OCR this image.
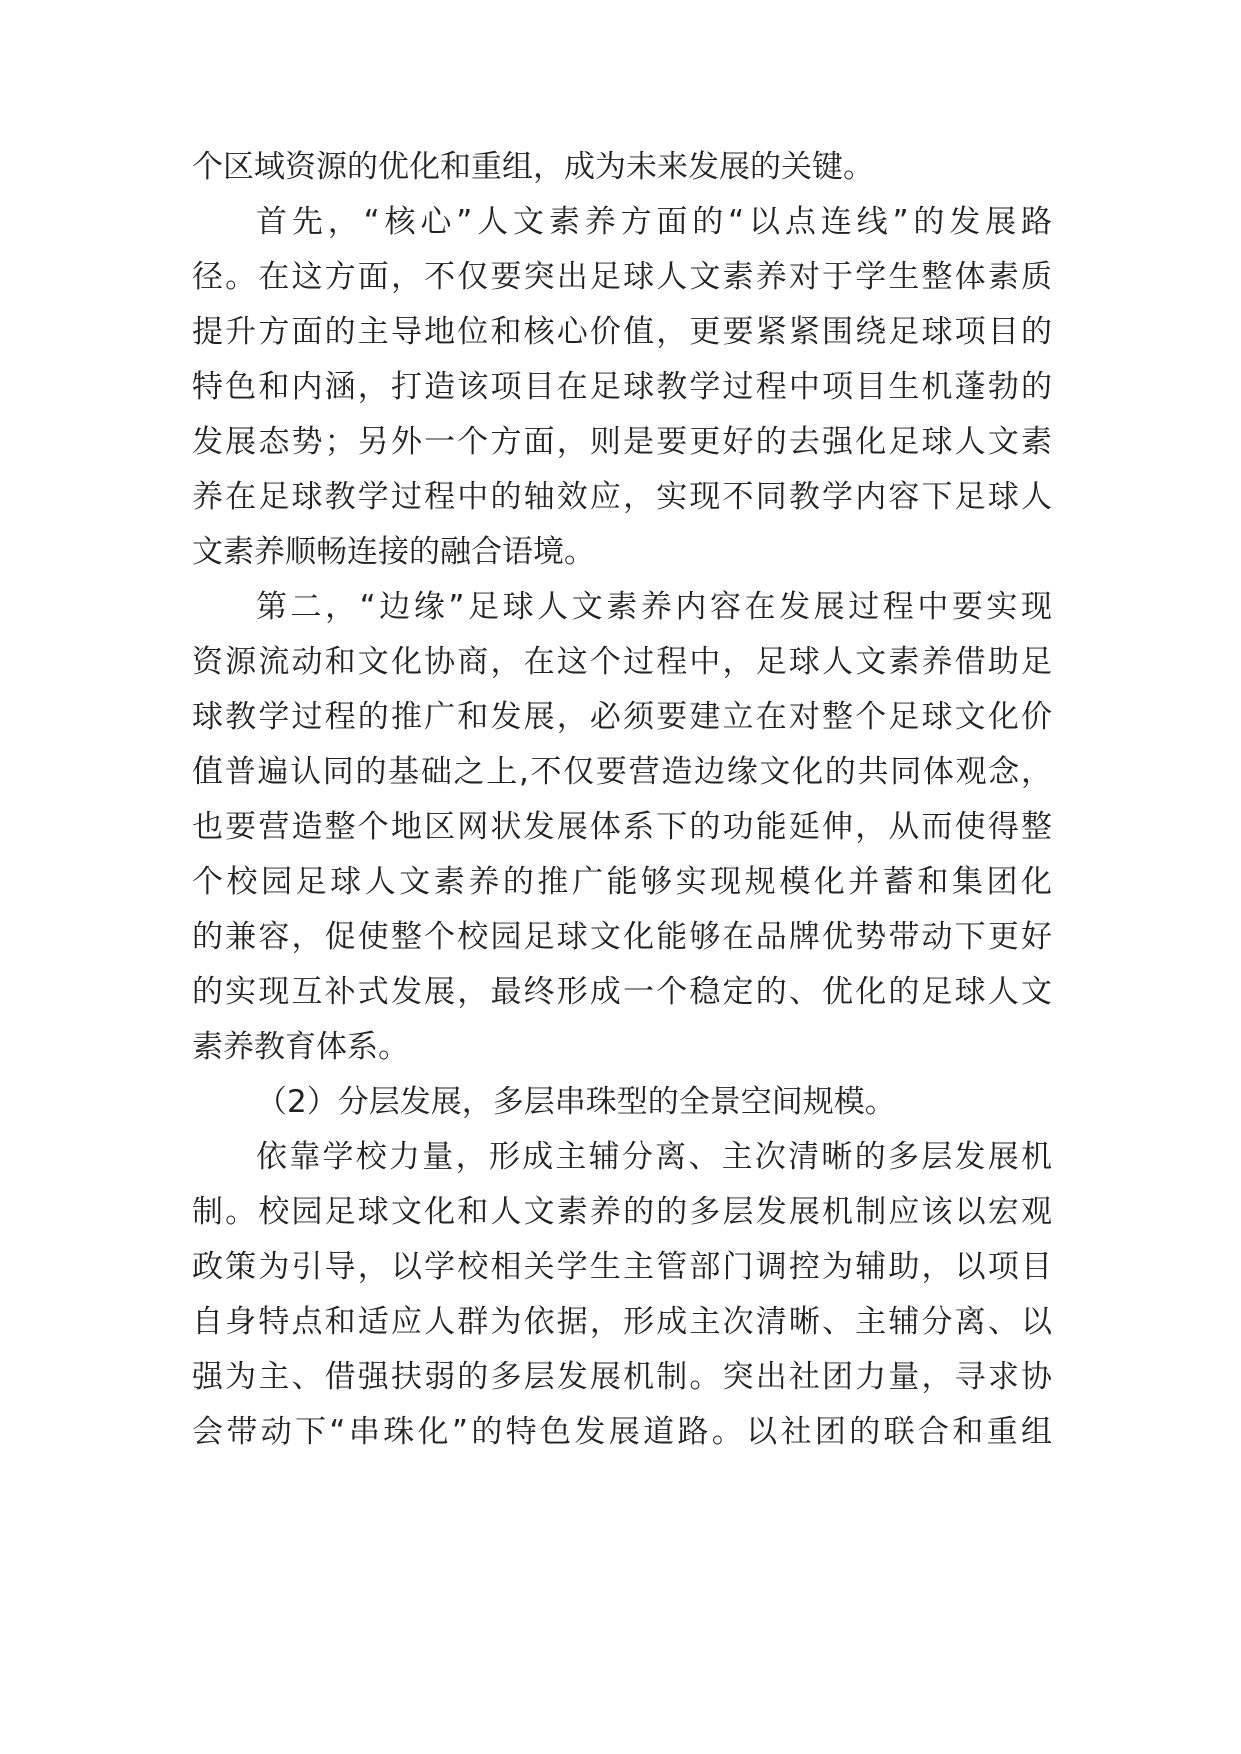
个区域资源的优化和重组，成为未来发展的关键。
首先，“核心”人文素养方面的“以点连线”的发展路
径。在这方面，不仅要突出足球人文素养对于学生整体素质
提升方面的主导地位和核心价值，更要紧紧围绕足球项目的
特色和内涵，打造该项目在足球教学过程中项目生机蓬勃的
发展态势；另外一个方面，则是要更好的去强化足球人文素
养在足球教学过程中的轴效应，实现不同教学内容下足球人
文素养顺畅连接的融合语境。
第二，“边缘”足球人文素养内容在发展过程中要实现
资源流动和文化协商，在这个过程中，足球人文素养借助足
球教学过程的推广和发展，必须要建立在对整个足球文化价
值普遍认同的基础之上,不仅要营造边缘文化的共同体观念，
也要营造整个地区网状发展体系下的功能延伸，从而使得整
个校园足球人文素养的推广能够实现规模化并蓄和集团化
的兼容，促使整个校园足球文化能够在品牌优势带动下更好
的实现互补式发展，最终形成一个稳定的、优化的足球人文
素养教育体系。
（2）分层发展，多层串珠型的全景空间规模。
依靠学校力量，形成主辅分离、主次清晰的多层发展机
制。校园足球文化和人文素养的的多层发展机制应该以宏观
政策为引导，以学校相关学生主管部门调控为辅助，以项目
自身特点和适应人群为依据，形成主次清晰、主辅分离、以
强为主、借强扶弱的多层发展机制。突出社团力量，寻求协
会带动下“串珠化”的特色发展道路。以社团的联合和重组
